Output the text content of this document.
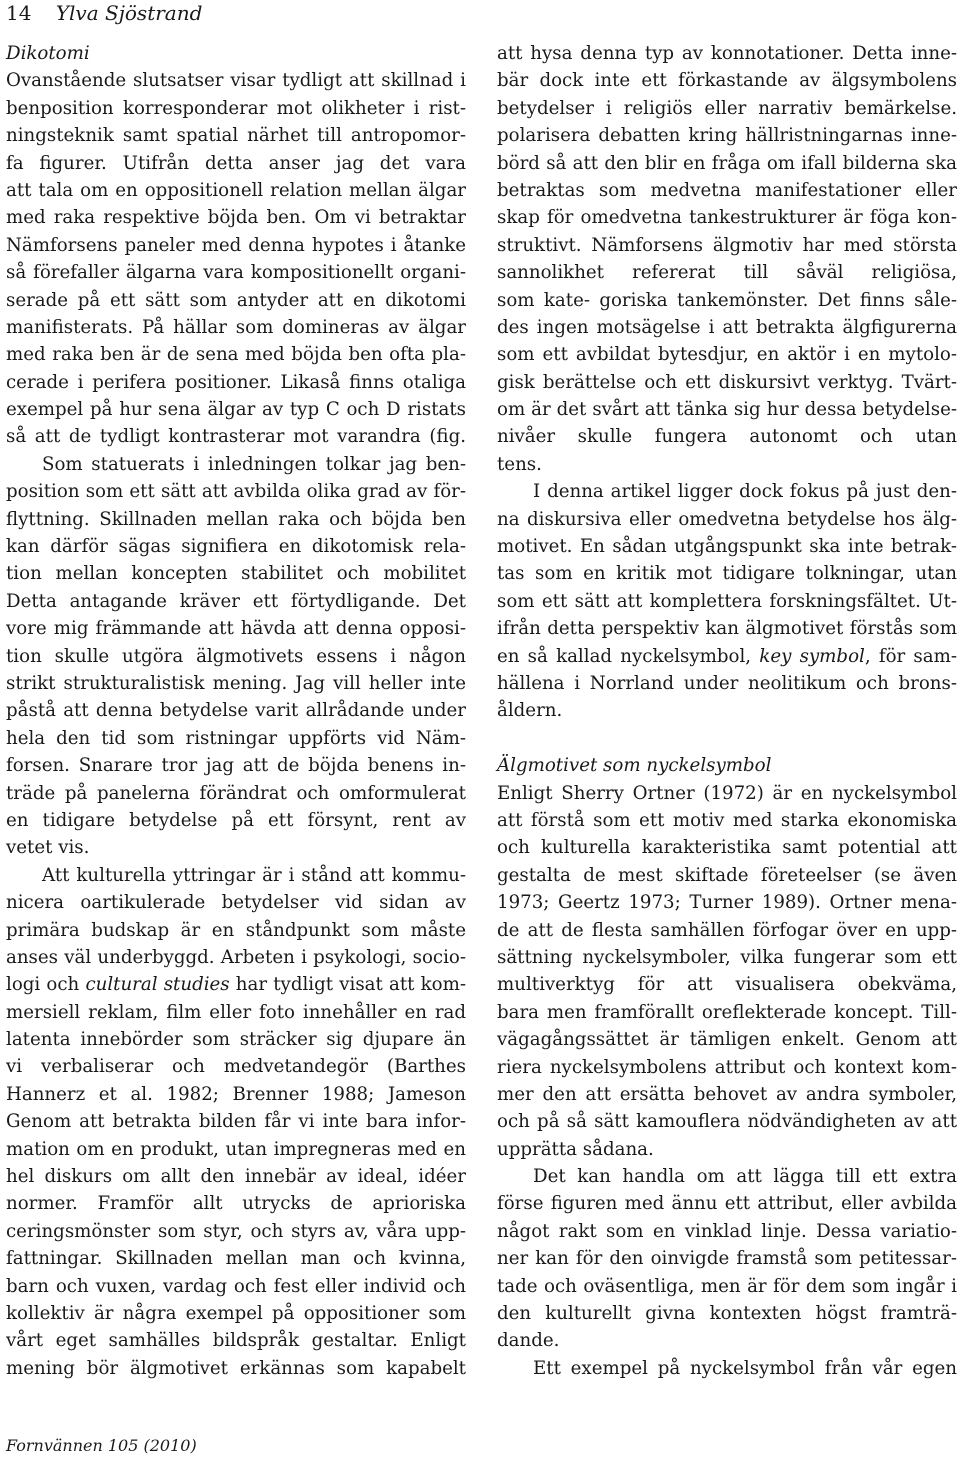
14 Ylva Sjöstrand
Dikotomi
Ovanstående slutsatser visar tydligt att skillnad i
benposition korresponderar mot olikheter i rist-
ningsteknik samt spatial närhet till antropomor-
fa figurer. Utifrån detta anser jag det vara
att tala om en oppositionell relation mellan älgar
med raka respektive böjda ben. Om vi betraktar
Nämforsens paneler med denna hypotes i åtanke
så förefaller älgarna vara kompositionellt organi-
serade på ett sätt som antyder att en dikotomi
manifisterats. På hällar som domineras av älgar
med raka ben är de sena med böjda ben ofta pla-
cerade i perifera positioner. Likaså finns otaliga
exempel på hur sena älgar av typ C och D ristats
så att de tydligt kontrasterar mot varandra (fig.
Som statuerats i inledningen tolkar jag ben-
position som ett sätt att avbilda olika grad av för-
flyttning. Skillnaden mellan raka och böjda ben
kan därför sägas signifiera en dikotomisk rela-
tion mellan koncepten stabilitet och mobilitet
Detta antagande kräver ett förtydligande. Det
vore mig främmande att hävda att denna opposi-
tion skulle utgöra älgmotivets essens i någon
strikt strukturalistisk mening. Jag vill heller inte
påstå att denna betydelse varit allrådande under
hela den tid som ristningar uppförts vid Näm-
forsen. Snarare tror jag att de böjda benens in-
träde på panelerna förändrat och omformulerat
en tidigare betydelse på ett försynt, rent av
vetet vis.
Att kulturella yttringar är i stånd att kommu-
nicera oartikulerade betydelser vid sidan av
primära budskap är en ståndpunkt som måste
anses väl underbyggd. Arbeten i psykologi, socio-
logi och cultural studies har tydligt visat att kom-
mersiell reklam, film eller foto innehåller en rad
latenta innebörder som sträcker sig djupare än
vi verbaliserar och medvetandegör (Barthes
Hannerz et al. 1982; Brenner 1988; Jameson
Genom att betrakta bilden får vi inte bara infor-
mation om en produkt, utan impregneras med en
hel diskurs om allt den innebär av ideal, idéer
normer. Framför allt utrycks de aprioriska
ceringsmönster som styr, och styrs av, våra upp-
fattningar. Skillnaden mellan man och kvinna,
barn och vuxen, vardag och fest eller individ och
kollektiv är några exempel på oppositioner som
vårt eget samhälles bildspråk gestaltar. Enligt
mening bör älgmotivet erkännas som kapabelt
att hysa denna typ av konnotationer. Detta inne-
bär dock inte ett förkastande av älgsymbolens
betydelser i religiös eller narrativ bemärkelse.
polarisera debatten kring hällristningarnas inne-
börd så att den blir en fråga om ifall bilderna ska
betraktas som medvetna manifestationer eller
skap för omedvetna tankestrukturer är föga kon-
struktivt. Nämforsens älgmotiv har med största
sannolikhet refererat till såväl religiösa,
som kate- goriska tankemönster. Det finns såle-
des ingen motsägelse i att betrakta älgfigurerna
som ett avbildat bytesdjur, en aktör i en mytolo-
gisk berättelse och ett diskursivt verktyg. Tvärt-
om är det svårt att tänka sig hur dessa betydelse-
nivåer skulle fungera autonomt och utan
tens.
I denna artikel ligger dock fokus på just den-
na diskursiva eller omedvetna betydelse hos älg-
motivet. En sådan utgångspunkt ska inte betrak-
tas som en kritik mot tidigare tolkningar, utan
som ett sätt att komplettera forskningsfältet. Ut-
ifrån detta perspektiv kan älgmotivet förstås som
en så kallad nyckelsymbol, key symbol, för sam-
hällena i Norrland under neolitikum och brons-
åldern.
Älgmotivet som nyckelsymbol
Enligt Sherry Ortner (1972) är en nyckelsymbol
att förstå som ett motiv med starka ekonomiska
och kulturella karakteristika samt potential att
gestalta de mest skiftade företeelser (se även
1973; Geertz 1973; Turner 1989). Ortner mena-
de att de flesta samhällen förfogar över en upp-
sättning nyckelsymboler, vilka fungerar som ett
multiverktyg för att visualisera obekväma,
bara men framförallt oreflekterade koncept. Till-
vägagångssättet är tämligen enkelt. Genom att
riera nyckelsymbolens attribut och kontext kom-
mer den att ersätta behovet av andra symboler,
och på så sätt kamouflera nödvändigheten av att
upprätta sådana.
Det kan handla om att lägga till ett extra
förse figuren med ännu ett attribut, eller avbilda
något rakt som en vinklad linje. Dessa variatio-
ner kan för den oinvigde framstå som petitessar-
tade och oväsentliga, men är för dem som ingår i
den kulturellt givna kontexten högst framträ-
dande.
Ett exempel på nyckelsymbol från vår egen
Fornvännen 105 (2010)
